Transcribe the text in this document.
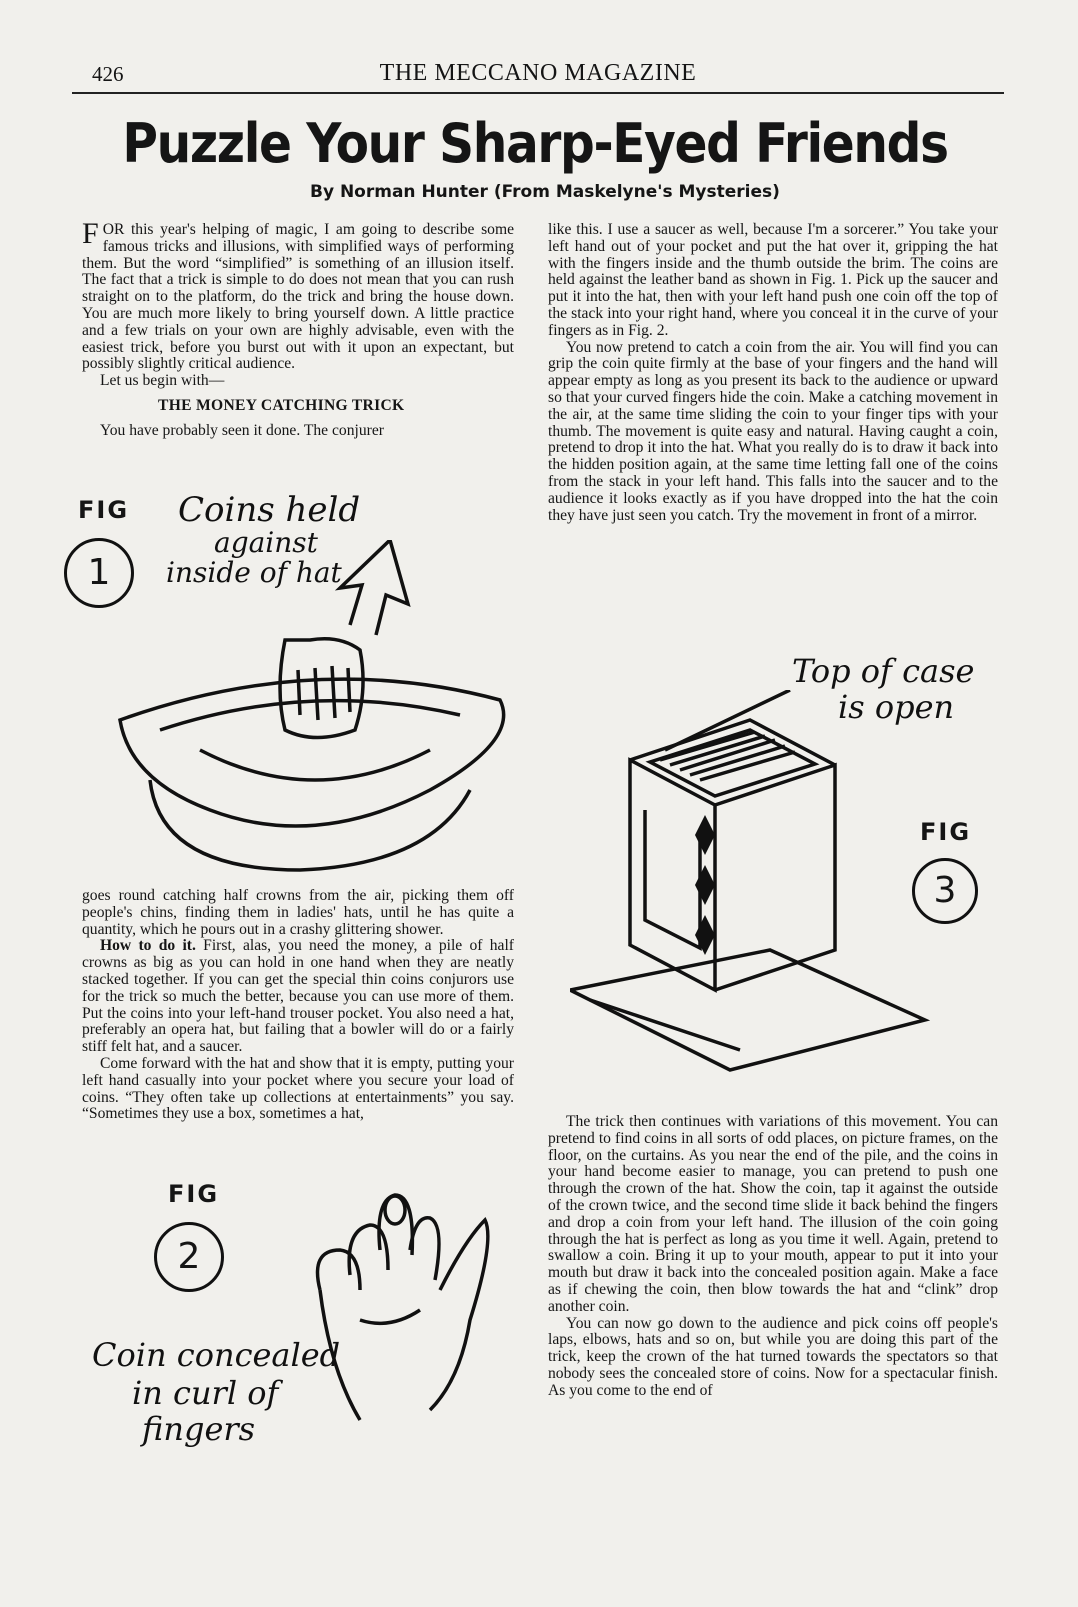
426	THE MECCANO MAGAZINE
Puzzle Your Sharp-Eyed Friends
By Norman Hunter (From Maskelyne's Mysteries)

FOR this year's helping of magic, I am going to describe some famous tricks and illusions, with simplified ways of performing them. But the word “simplified” is something of an illusion itself. The fact that a trick is simple to do does not mean that you can rush straight on to the platform, do the trick and bring the house down. You are much more likely to bring yourself down. A little practice and a few trials on your own are highly advisable, even with the easiest trick, before you burst out with it upon an expectant, but possibly slightly critical audience.

Let us begin with—

THE MONEY CATCHING TRICK

You have probably seen it done. The conjurer

FIG
1
Coins held
against
inside of hat

goes round catching half crowns from the air, picking them off people's chins, finding them in ladies' hats, until he has quite a quantity, which he pours out in a crashy glittering shower.

How to do it. First, alas, you need the money, a pile of half crowns as big as you can hold in one hand when they are neatly stacked together. If you can get the special thin coins conjurors use for the trick so much the better, because you can use more of them. Put the coins into your left-hand trouser pocket. You also need a hat, preferably an opera hat, but failing that a bowler will do or a fairly stiff felt hat, and a saucer.

Come forward with the hat and show that it is empty, putting your left hand casually into your pocket where you secure your load of coins. “They often take up collections at entertainments” you say. “Sometimes they use a box, sometimes a hat,

FIG
2
Coin concealed
in curl of
fingers

like this. I use a saucer as well, because I'm a sorcerer.” You take your left hand out of your pocket and put the hat over it, gripping the hat with the fingers inside and the thumb outside the brim. The coins are held against the leather band as shown in Fig. 1. Pick up the saucer and put it into the hat, then with your left hand push one coin off the top of the stack into your right hand, where you conceal it in the curve of your fingers as in Fig. 2.

You now pretend to catch a coin from the air. You will find you can grip the coin quite firmly at the base of your fingers and the hand will appear empty as long as you present its back to the audience or upward so that your curved fingers hide the coin. Make a catching movement in the air, at the same time sliding the coin to your finger tips with your thumb. The movement is quite easy and natural. Having caught a coin, pretend to drop it into the hat. What you really do is to draw it back into the hidden position again, at the same time letting fall one of the coins from the stack in your left hand. This falls into the saucer and to the audience it looks exactly as if you have dropped into the hat the coin they have just seen you catch. Try the movement in front of a mirror.

Top of case
is open
FIG
3

The trick then continues with variations of this movement. You can pretend to find coins in all sorts of odd places, on picture frames, on the floor, on the curtains. As you near the end of the pile, and the coins in your hand become easier to manage, you can pretend to push one through the crown of the hat. Show the coin, tap it against the outside of the crown twice, and the second time slide it back behind the fingers and drop a coin from your left hand. The illusion of the coin going through the hat is perfect as long as you time it well. Again, pretend to swallow a coin. Bring it up to your mouth, appear to put it into your mouth but draw it back into the concealed position again. Make a face as if chewing the coin, then blow towards the hat and “clink” drop another coin.

You can now go down to the audience and pick coins off people's laps, elbows, hats and so on, but while you are doing this part of the trick, keep the crown of the hat turned towards the spectators so that nobody sees the concealed store of coins. Now for a spectacular finish. As you come to the end of
